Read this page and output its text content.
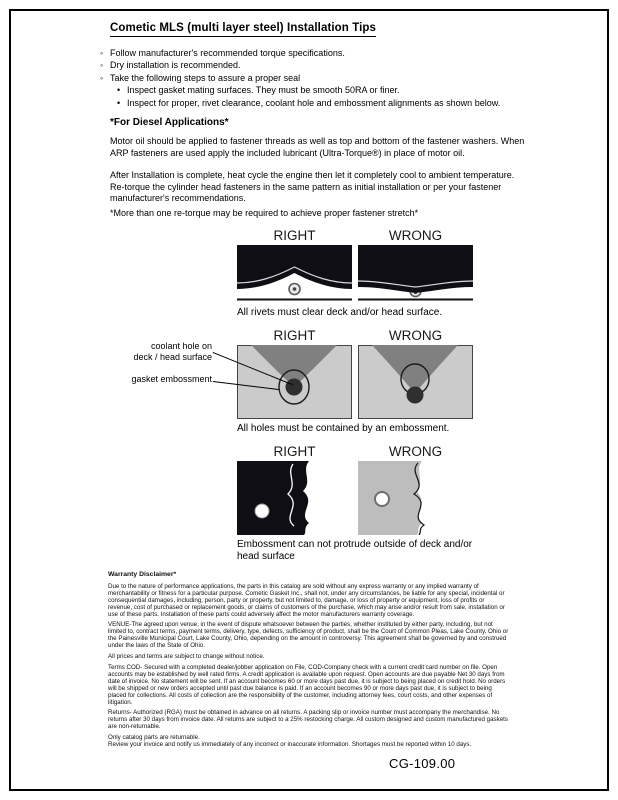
Cometic MLS (multi layer steel) Installation Tips
◦ Follow manufacturer's recommended torque specifications.
◦ Dry installation is recommended.
◦ Take the following steps to assure a proper seal
• Inspect gasket mating surfaces. They must be smooth 50RA or finer.
• Inspect for proper, rivet clearance, coolant hole and embossment alignments as shown below.
*For Diesel Applications*

Motor oil should be applied to fastener threads as well as top and bottom of the fastener washers. When ARP fasteners are used apply the included lubricant (Ultra-Torque®) in place of motor oil.

After Installation is complete, heat cycle the engine then let it completely cool to ambient temperature. Re-torque the cylinder head fasteners in the same pattern as initial installation or per your fastener manufacturer's recommendations.

*More than one re-torque may be required to achieve proper fastener stretch*

RIGHT	WRONG
All rivets must clear deck and/or head surface.
RIGHT	WRONG
All holes must be contained by an embossment.
RIGHT	WRONG
Embossment can not protrude outside of deck and/or head surface
coolant hole on
deck / head surface
gasket embossment
Warranty Disclaimer*

Due to the nature of performance applications, the parts in this catalog are sold without any express warranty or any implied warranty of merchantability or fitness for a particular purpose. Cometic Gasket Inc., shall not, under any circumstances, be liable for any special, incidental or consequential damages, including, person, party or property, but not limited to, damage, or loss of property or equipment, loss of profits or revenue, cost of purchased or replacement goods, or claims of customers of the purchase, which may arise and/or result from sale, installation or use of these parts. Installation of these parts could adversely affect the motor manufacturers warranty coverage.

VENUE-The agreed upon venue, in the event of dispute whatsoever between the parties, whether instituted by either party, including, but not limited to, contract terms, payment terms, delivery, type, defects, sufficiency of product, shall be the Court of Common Pleas, Lake County, Ohio or the Painesville Municipal Court, Lake County, Ohio, depending on the amount in controversy. This agreement shall be governed by and construed under the laws of the State of Ohio.

All prices and terms are subject to change without notice.

Terms COD- Secured with a completed dealer/jobber application on File, COD-Company check with a current credit card number on file. Open accounts may be established by well rated firms. A credit application is available upon request. Open accounts are due payable Net 30 days from date of invoice. No statement will be sent. If an account becomes 60 or more days past due, it is subject to being placed on credit hold. No orders will be shipped or new orders accepted until past due balance is paid. If an account becomes 90 or more days past due, it is subject to being placed for collections. All costs of collection are the responsibility of the customer, including attorney fees, court costs, and other expenses of litigation.

Returns- Authorized (RGA) must be obtained in advance on all returns. A packing slip or invoice number must accompany the merchandise. No returns after 30 days from invoice date. All returns are subject to a 25% restocking charge. All custom designed and custom manufactured gaskets are non-returnable.

Only catalog parts are returnable.

Review your invoice and notify us immediately of any incorrect or inaccurate information. Shortages must be reported within 10 days.

CG-109.00
